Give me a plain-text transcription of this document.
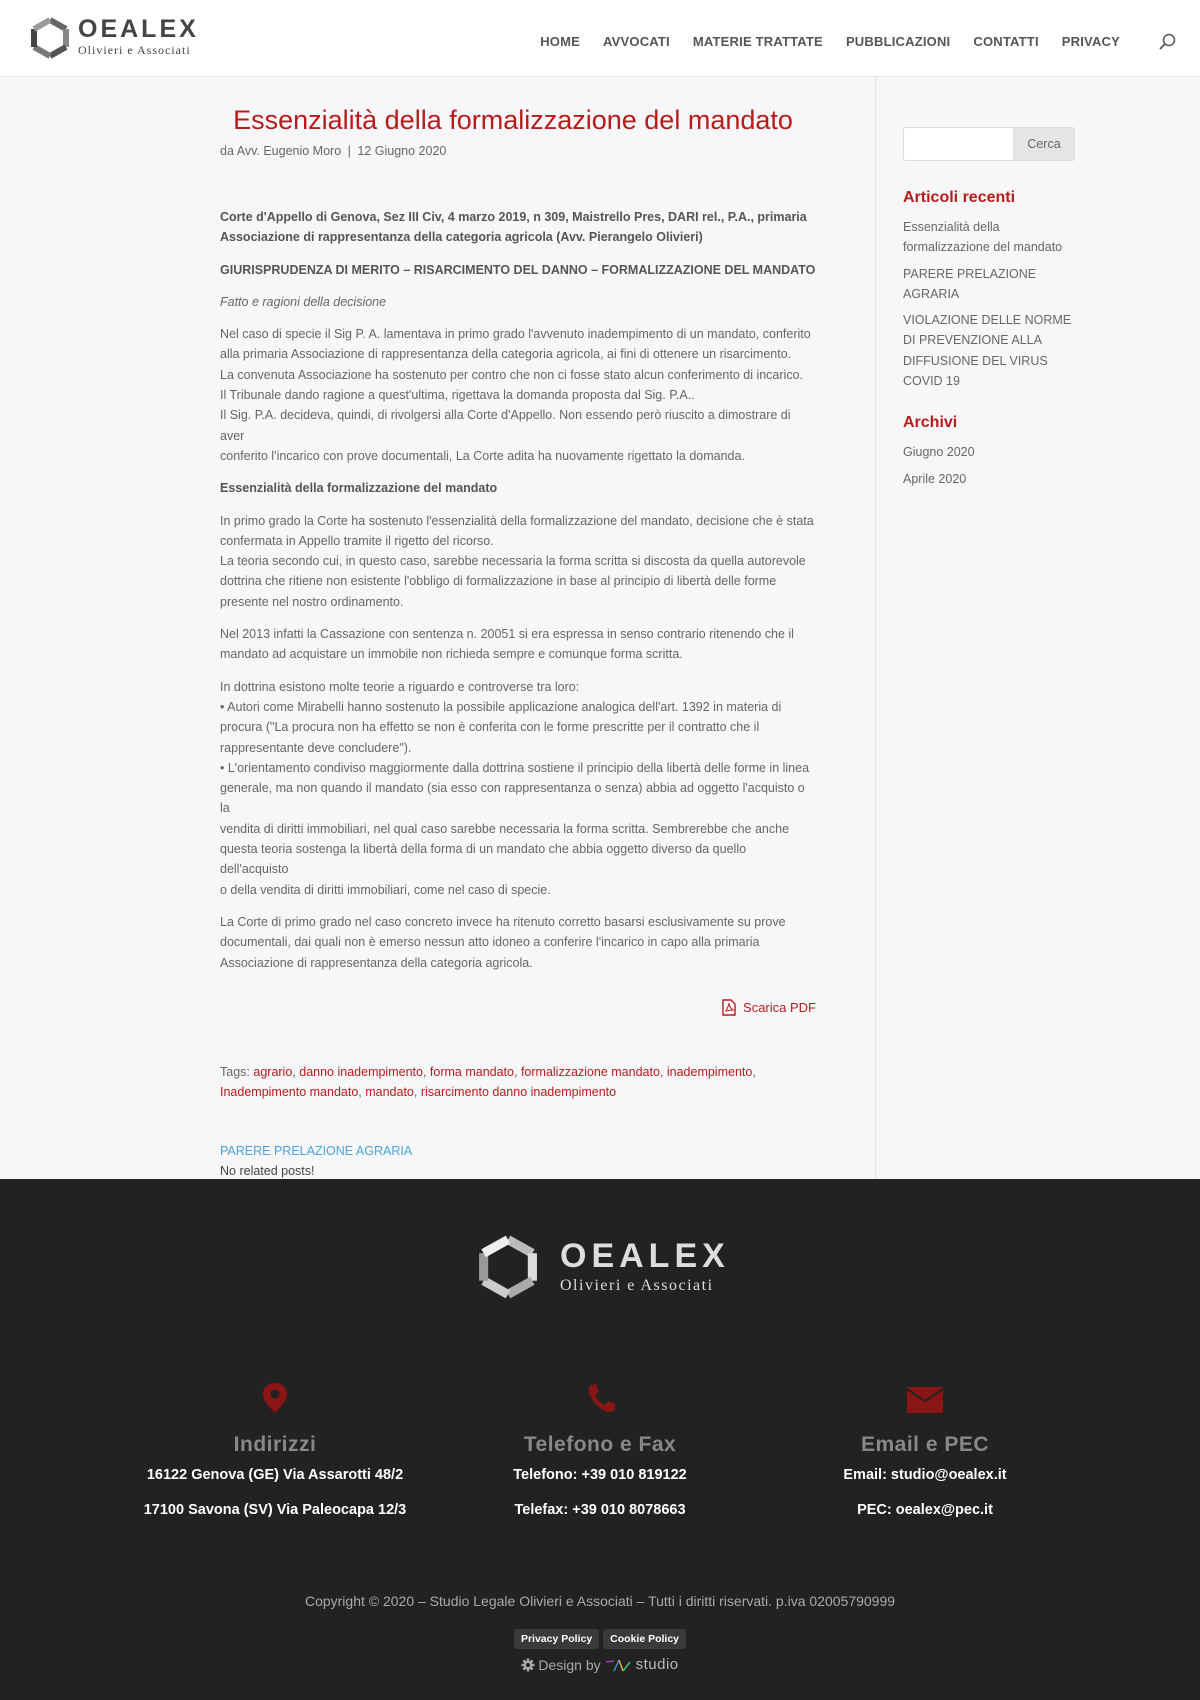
OEALEX
Olivieri e Associati
HOME AVVOCATI MATERIE TRATTATE PUBBLICAZIONI CONTATTI PRIVACY
Essenzialità della formalizzazione del mandato
da Avv. Eugenio Moro | 12 Giugno 2020

Corte d'Appello di Genova, Sez III Civ, 4 marzo 2019, n 309, Maistrello Pres, DARI rel., P.A., primaria
Associazione di rappresentanza della categoria agricola (Avv. Pierangelo Olivieri)

GIURISPRUDENZA DI MERITO – RISARCIMENTO DEL DANNO – FORMALIZZAZIONE DEL MANDATO

Fatto e ragioni della decisione

Nel caso di specie il Sig P. A. lamentava in primo grado l'avvenuto inadempimento di un mandato, conferito
alla primaria Associazione di rappresentanza della categoria agricola, ai fini di ottenere un risarcimento.
La convenuta Associazione ha sostenuto per contro che non ci fosse stato alcun conferimento di incarico.
Il Tribunale dando ragione a quest'ultima, rigettava la domanda proposta dal Sig. P.A..
Il Sig. P.A. decideva, quindi, di rivolgersi alla Corte d'Appello. Non essendo però riuscito a dimostrare di aver
conferito l'incarico con prove documentali, La Corte adita ha nuovamente rigettato la domanda.

Essenzialità della formalizzazione del mandato

In primo grado la Corte ha sostenuto l'essenzialità della formalizzazione del mandato, decisione che è stata
confermata in Appello tramite il rigetto del ricorso.
La teoria secondo cui, in questo caso, sarebbe necessaria la forma scritta si discosta da quella autorevole
dottrina che ritiene non esistente l'obbligo di formalizzazione in base al principio di libertà delle forme
presente nel nostro ordinamento.

Nel 2013 infatti la Cassazione con sentenza n. 20051 si era espressa in senso contrario ritenendo che il
mandato ad acquistare un immobile non richieda sempre e comunque forma scritta.

In dottrina esistono molte teorie a riguardo e controverse tra loro:
• Autori come Mirabelli hanno sostenuto la possibile applicazione analogica dell'art. 1392 in materia di
procura ("La procura non ha effetto se non è conferita con le forme prescritte per il contratto che il
rappresentante deve concludere").
• L'orientamento condiviso maggiormente dalla dottrina sostiene il principio della libertà delle forme in linea
generale, ma non quando il mandato (sia esso con rappresentanza o senza) abbia ad oggetto l'acquisto o la
vendita di diritti immobiliari, nel qual caso sarebbe necessaria la forma scritta. Sembrerebbe che anche
questa teoria sostenga la libertà della forma di un mandato che abbia oggetto diverso da quello dell'acquisto
o della vendita di diritti immobiliari, come nel caso di specie.

La Corte di primo grado nel caso concreto invece ha ritenuto corretto basarsi esclusivamente su prove
documentali, dai quali non è emerso nessun atto idoneo a conferire l'incarico in capo alla primaria
Associazione di rappresentanza della categoria agricola.

Scarica PDF
Tags: agrario, danno inadempimento, forma mandato, formalizzazione mandato, inadempimento,
Inadempimento mandato, mandato, risarcimento danno inadempimento
PARERE PRELAZIONE AGRARIA
No related posts!
Cerca
Articoli recenti
Essenzialità della
formalizzazione del mandato
PARERE PRELAZIONE
AGRARIA
VIOLAZIONE DELLE NORME
DI PREVENZIONE ALLA
DIFFUSIONE DEL VIRUS
COVID 19
Archivi
Giugno 2020
Aprile 2020
OEALEX
Olivieri e Associati
Indirizzi
16122 Genova (GE) Via Assarotti 48/2
17100 Savona (SV) Via Paleocapa 12/3
Telefono e Fax
Telefono: +39 010 819122
Telefax: +39 010 8078663
Email e PEC
Email: studio@oealex.it
PEC: oealex@pec.it
Copyright © 2020 – Studio Legale Olivieri e Associati – Tutti i diritti riservati. p.iva 02005790999
Privacy Policy	Cookie Policy
Design by studio
